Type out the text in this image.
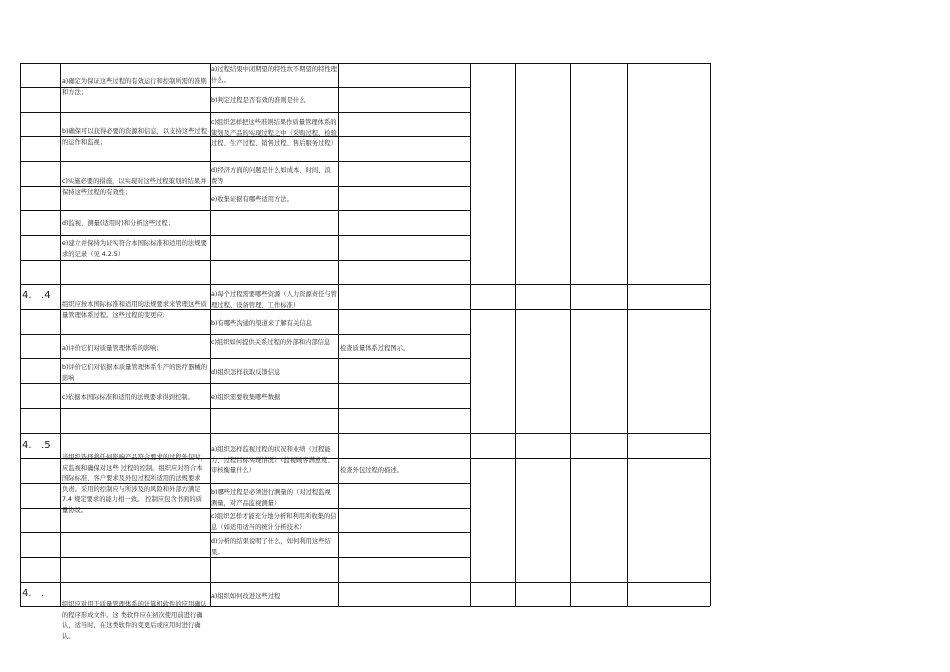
4.   .4
4.   .5
4.   .
a)确定为保证这些过程的有效运行和控制所需的准则和方法；
b)确保可以获得必要的资源和信息，以支持这些过程的运作和监视；
c)实施必要的措施，以实现对这些过程策划的结果并保持这些过程的有效性；
d)监视、测量(适用时)和分析这些过程；
e)建立并保持为证实符合本国际标准和适用的法规要求的记录（见 4.2.5）
组织应按本国际标准和适用的法规要求来管理这些质量管理体系过程。这些过程的变更应:
a)评价它们对质量管理体系的影响;
b)评价它们对依据本质量管理体系生产的医疗器械的影响
c)依据本国际标准和适用的法规要求得到控制。
当组织选择将任何影响产品符合要求的过程外包时，应监视和确保对这些 过程的控制。组织应对符合本国际标准、客户要求及外包过程所适用的法规要求 负责。采用的控制应与所涉及的风险和外部方满足 7.4 规定要求的能力相一致。 控制应包含书面的质量协议。
组织应对用于质量管理体系的计算机软件的应用确认的程序形成文件。这 类软件应在初次使用前进行确认，适当时，在这类软件的变更后或应用时进行确 认。
a)过程结果中闭期望的特性坎不期望的特性理什么。
b)判定过程是否有效的准则是什么
c)组织怎样把这些准则结果作质量管理体系的策划及产品的实现过程之中（采购过程、检验过程、生产过程、销售过程、售后服务过程）
d)经济方面的问题是什么如成本、时间、浪费等
e)收集证据有哪些适用方法。
a)每个过程需要哪些资源（人力资源责任与管理过程、设备管理、工作标准）
b)有哪些沟通的渠道来了解有关信息
c)组织如何提供关系过程的外部和内部信息
d)组织怎样获取反馈信息
e)组织需要收集哪些数据
a)组织怎样监视过程的状况和业绩（过程能力、过程目标实现情况）（监视顾客满意度、审核衡量什么）
b)哪些过程是必须进行测量的（对过程监视测量，对产品监视测量）
c)组织怎样才能充分地分析和利用所收集的信息（如适用适当的统计分析技术）
d)分析的结果说明了什么，如何利用这些结果。
a)组织如何改进这些过程
检查质量体系过程图示。
检查外包过程的描述。
